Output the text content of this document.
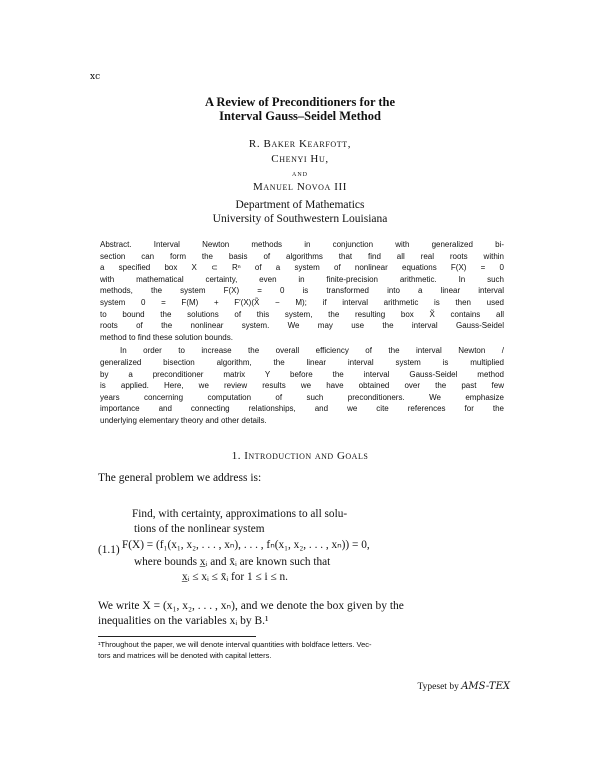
xc
A Review of Preconditioners for the
Interval Gauss–Seidel Method
R. Baker Kearfott,
Chenyi Hu,
and
Manuel Novoa III
Department of Mathematics
University of Southwestern Louisiana
Abstract. Interval Newton methods in conjunction with generalized bi-
section can form the basis of algorithms that find all real roots within
a specified box X ⊂ Rⁿ of a system of nonlinear equations F(X) = 0
with mathematical certainty, even in finite-precision arithmetic. In such
methods, the system F(X) = 0 is transformed into a linear interval
system 0 = F(M) + F′(X)(X̃ − M); if interval arithmetic is then used
to bound the solutions of this system, the resulting box X̃ contains all
roots of the nonlinear system. We may use the interval Gauss-Seidel
method to find these solution bounds.
In order to increase the overall efficiency of the interval Newton /
generalized bisection algorithm, the linear interval system is multiplied
by a preconditioner matrix Y before the interval Gauss-Seidel method
is applied. Here, we review results we have obtained over the past few
years concerning computation of such preconditioners. We emphasize
importance and connecting relationships, and we cite references for the
underlying elementary theory and other details.
1. Introduction and Goals
The general problem we address is:
(1.1)
Find, with certainty, approximations to all solu-
tions of the nonlinear system
F(X) = (f₁(x₁, x₂, . . . , xₙ), . . . , fₙ(x₁, x₂, . . . , xₙ)) = 0,
where bounds x̲ᵢ and x̄ᵢ are known such that
x̲ᵢ ≤ xᵢ ≤ x̄ᵢ for 1 ≤ i ≤ n.
We write X = (x₁, x₂, . . . , xₙ), and we denote the box given by the
inequalities on the variables xᵢ by B.¹
¹Throughout the paper, we will denote interval quantities with boldface letters. Vec-
tors and matrices will be denoted with capital letters.
Typeset by AMS-TEX
